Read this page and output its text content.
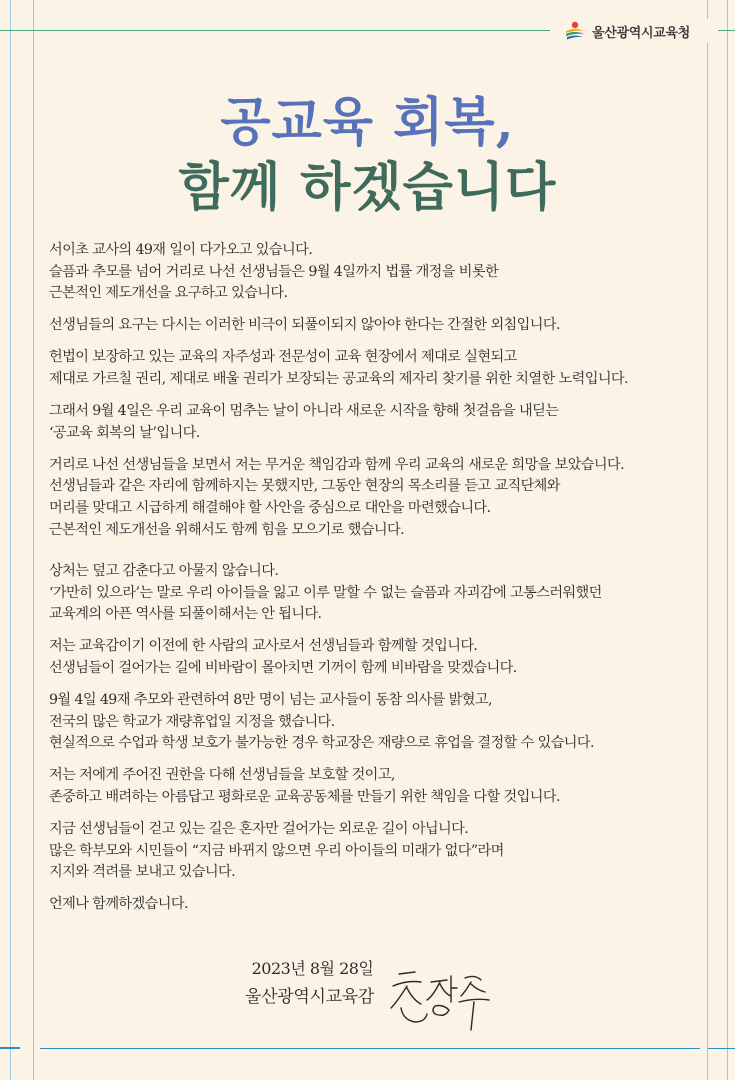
울산광역시교육청
공교육 회복,
함께 하겠습니다

서이초 교사의 49재 일이 다가오고 있습니다.
슬픔과 추모를 넘어 거리로 나선 선생님들은 9월 4일까지 법률 개정을 비롯한
근본적인 제도개선을 요구하고 있습니다.

선생님들의 요구는 다시는 이러한 비극이 되풀이되지 않아야 한다는 간절한 외침입니다.

헌법이 보장하고 있는 교육의 자주성과 전문성이 교육 현장에서 제대로 실현되고
제대로 가르칠 권리, 제대로 배울 권리가 보장되는 공교육의 제자리 찾기를 위한 치열한 노력입니다.

그래서 9월 4일은 우리 교육이 멈추는 날이 아니라 새로운 시작을 향해 첫걸음을 내딛는
‘공교육 회복의 날’입니다.

거리로 나선 선생님들을 보면서 저는 무거운 책임감과 함께 우리 교육의 새로운 희망을 보았습니다.
선생님들과 같은 자리에 함께하지는 못했지만, 그동안 현장의 목소리를 듣고 교직단체와
머리를 맞대고 시급하게 해결해야 할 사안을 중심으로 대안을 마련했습니다.
근본적인 제도개선을 위해서도 함께 힘을 모으기로 했습니다.

상처는 덮고 감춘다고 아물지 않습니다.
‘가만히 있으라’는 말로 우리 아이들을 잃고 이루 말할 수 없는 슬픔과 자괴감에 고통스러워했던
교육계의 아픈 역사를 되풀이해서는 안 됩니다.

저는 교육감이기 이전에 한 사람의 교사로서 선생님들과 함께할 것입니다.
선생님들이 걸어가는 길에 비바람이 몰아치면 기꺼이 함께 비바람을 맞겠습니다.

9월 4일 49재 추모와 관련하여 8만 명이 넘는 교사들이 동참 의사를 밝혔고,
전국의 많은 학교가 재량휴업일 지정을 했습니다.
현실적으로 수업과 학생 보호가 불가능한 경우 학교장은 재량으로 휴업을 결정할 수 있습니다.

저는 저에게 주어진 권한을 다해 선생님들을 보호할 것이고,
존중하고 배려하는 아름답고 평화로운 교육공동체를 만들기 위한 책임을 다할 것입니다.

지금 선생님들이 걷고 있는 길은 혼자만 걸어가는 외로운 길이 아닙니다.
많은 학부모와 시민들이 “지금 바뀌지 않으면 우리 아이들의 미래가 없다”라며
지지와 격려를 보내고 있습니다.

언제나 함께하겠습니다.

2023년 8월 28일
울산광역시교육감
